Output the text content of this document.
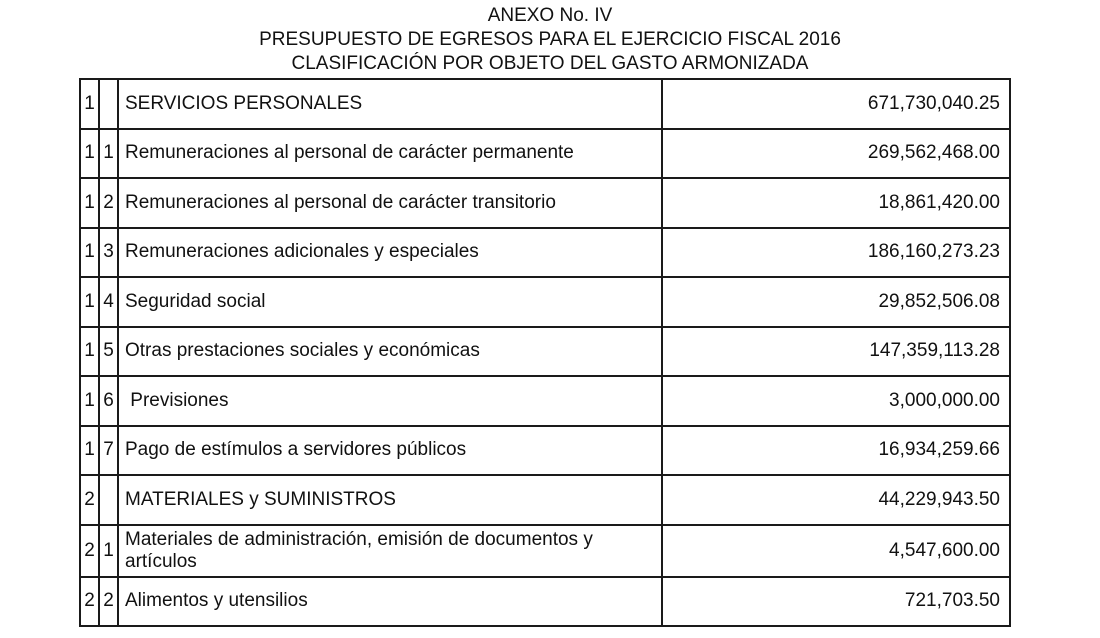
ANEXO No. IV
PRESUPUESTO DE EGRESOS PARA EL EJERCICIO FISCAL 2016
CLASIFICACIÓN POR OBJETO DEL GASTO ARMONIZADA
1		SERVICIOS PERSONALES	671,730,040.25
1	1	Remuneraciones al personal de carácter permanente	269,562,468.00
1	2	Remuneraciones al personal de carácter transitorio	18,861,420.00
1	3	Remuneraciones adicionales y especiales	186,160,273.23
1	4	Seguridad social	29,852,506.08
1	5	Otras prestaciones sociales y económicas	147,359,113.28
1	6	Previsiones	3,000,000.00
1	7	Pago de estímulos a servidores públicos	16,934,259.66
2		MATERIALES y SUMINISTROS	44,229,943.50
2	1	Materiales de administración, emisión de documentos y artículos	4,547,600.00
2	2	Alimentos y utensilios	721,703.50
